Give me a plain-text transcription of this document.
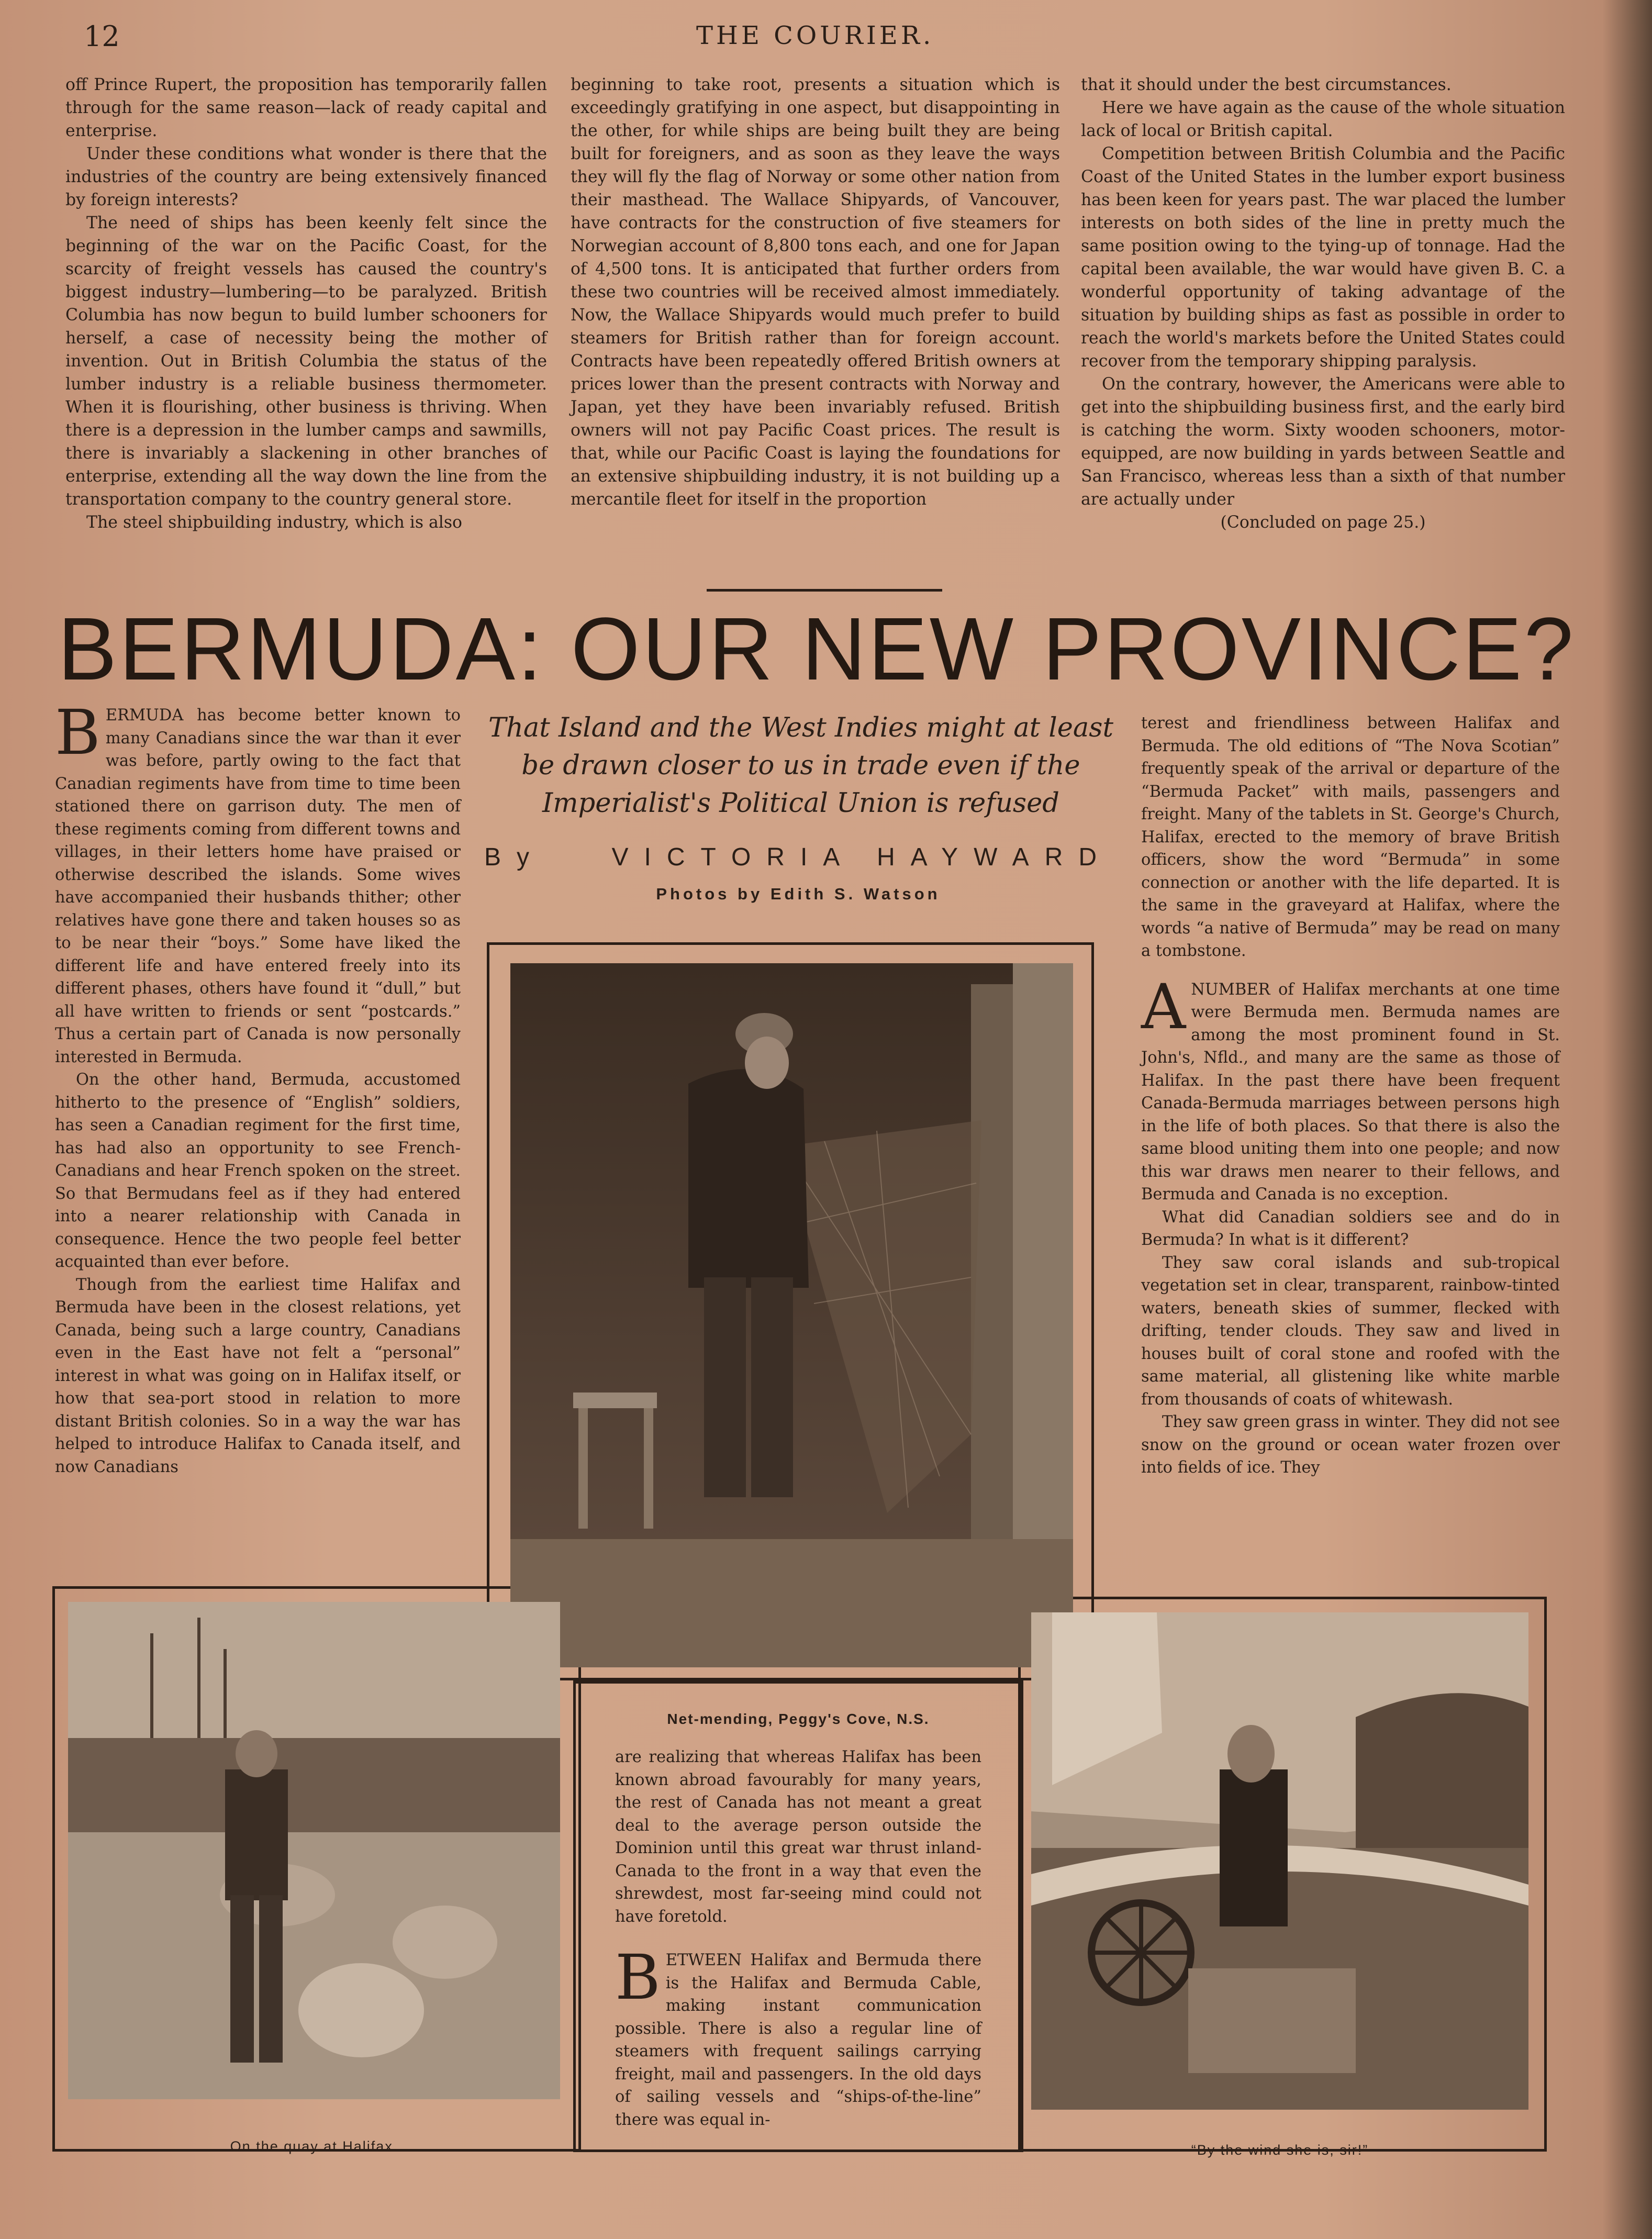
12	THE COURIER.

off Prince Rupert, the proposition has temporarily fallen through for the same reason—lack of ready capital and enterprise.

Under these conditions what wonder is there that the industries of the country are being extensively financed by foreign interests?

The need of ships has been keenly felt since the beginning of the war on the Pacific Coast, for the scarcity of freight vessels has caused the country's biggest industry—lumbering—to be paralyzed. British Columbia has now begun to build lumber schooners for herself, a case of necessity being the mother of invention. Out in British Columbia the status of the lumber industry is a reliable business thermometer. When it is flourishing, other business is thriving. When there is a depression in the lumber camps and sawmills, there is invariably a slackening in other branches of enterprise, extending all the way down the line from the transportation company to the country general store.

The steel shipbuilding industry, which is also

beginning to take root, presents a situation which is exceedingly gratifying in one aspect, but disappointing in the other, for while ships are being built they are being built for foreigners, and as soon as they leave the ways they will fly the flag of Norway or some other nation from their masthead. The Wallace Shipyards, of Vancouver, have contracts for the construction of five steamers for Norwegian account of 8,800 tons each, and one for Japan of 4,500 tons. It is anticipated that further orders from these two countries will be received almost immediately. Now, the Wallace Shipyards would much prefer to build steamers for British rather than for foreign account. Contracts have been repeatedly offered British owners at prices lower than the present contracts with Norway and Japan, yet they have been invariably refused. British owners will not pay Pacific Coast prices. The result is that, while our Pacific Coast is laying the foundations for an extensive shipbuilding industry, it is not building up a mercantile fleet for itself in the proportion

that it should under the best circumstances.

Here we have again as the cause of the whole situation lack of local or British capital.

Competition between British Columbia and the Pacific Coast of the United States in the lumber export business has been keen for years past. The war placed the lumber interests on both sides of the line in pretty much the same position owing to the tying-up of tonnage. Had the capital been available, the war would have given B. C. a wonderful opportunity of taking advantage of the situation by building ships as fast as possible in order to reach the world's markets before the United States could recover from the temporary shipping paralysis.

On the contrary, however, the Americans were able to get into the shipbuilding business first, and the early bird is catching the worm. Sixty wooden schooners, motor-equipped, are now building in yards between Seattle and San Francisco, whereas less than a sixth of that number are actually under

(Concluded on page 25.)

BERMUDA: OUR NEW PROVINCE?
That Island and the West Indies might at least be drawn closer to us in trade even if the Imperialist's Political Union is refused
By	VICTORIA HAYWARD
Photos by Edith S. Watson

BERMUDA has become better known to many Canadians since the war than it ever was before, partly owing to the fact that Canadian regiments have from time to time been stationed there on garrison duty. The men of these regiments coming from different towns and villages, in their letters home have praised or otherwise described the islands. Some wives have accompanied their husbands thither; other relatives have gone there and taken houses so as to be near their “boys.” Some have liked the different life and have entered freely into its different phases, others have found it “dull,” but all have written to friends or sent “postcards.” Thus a certain part of Canada is now personally interested in Bermuda.

On the other hand, Bermuda, accustomed hitherto to the presence of “English” soldiers, has seen a Canadian regiment for the first time, has had also an opportunity to see French-Canadians and hear French spoken on the street. So that Bermudans feel as if they had entered into a nearer relationship with Canada in consequence. Hence the two people feel better acquainted than ever before.

Though from the earliest time Halifax and Bermuda have been in the closest relations, yet Canada, being such a large country, Canadians even in the East have not felt a “personal” interest in what was going on in Halifax itself, or how that sea-port stood in relation to more distant British colonies. So in a way the war has helped to introduce Halifax to Canada itself, and now Canadians

terest and friendliness between Halifax and Bermuda. The old editions of “The Nova Scotian” frequently speak of the arrival or departure of the “Bermuda Packet” with mails, passengers and freight. Many of the tablets in St. George's Church, Halifax, erected to the memory of brave British officers, show the word “Bermuda” in some connection or another with the life departed. It is the same in the graveyard at Halifax, where the words “a native of Bermuda” may be read on many a tombstone.

ANUMBER of Halifax merchants at one time were Bermuda men. Bermuda names are among the most prominent found in St. John's, Nfld., and many are the same as those of Halifax. In the past there have been frequent Canada-Bermuda marriages between persons high in the life of both places. So that there is also the same blood uniting them into one people; and now this war draws men nearer to their fellows, and Bermuda and Canada is no exception.

What did Canadian soldiers see and do in Bermuda? In what is it different?

They saw coral islands and sub-tropical vegetation set in clear, transparent, rainbow-tinted waters, beneath skies of summer, flecked with drifting, tender clouds. They saw and lived in houses built of coral stone and roofed with the same material, all glistening like white marble from thousands of coats of whitewash.

They saw green grass in winter. They did not see snow on the ground or ocean water frozen over into fields of ice. They

On the quay at Halifax.	“By the wind she is, sir!”
Net-mending, Peggy's Cove, N.S.

are realizing that whereas Halifax has been known abroad favourably for many years, the rest of Canada has not meant a great deal to the average person outside the Dominion until this great war thrust inland-Canada to the front in a way that even the shrewdest, most far-seeing mind could not have foretold.

BETWEEN Halifax and Bermuda there is the Halifax and Bermuda Cable, making instant communication possible. There is also a regular line of steamers with frequent sailings carrying freight, mail and passengers. In the old days of sailing vessels and “ships-of-the-line” there was equal in-
